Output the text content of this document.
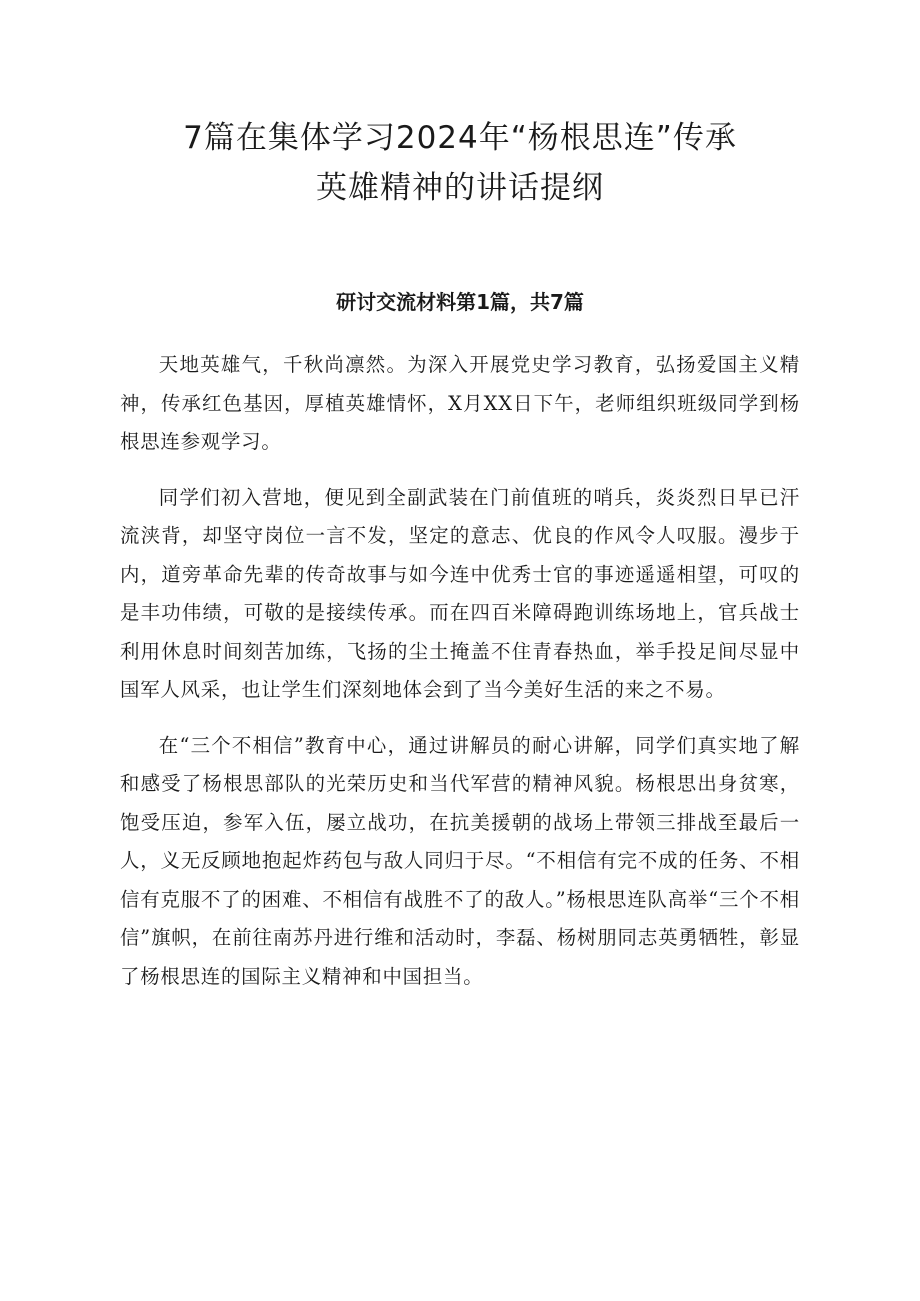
7篇在集体学习2024年“杨根思连”传承
英雄精神的讲话提纲
研讨交流材料第1篇，共7篇

天地英雄气，千秋尚凛然。为深入开展党史学习教育，弘扬爱国主义精神，传承红色基因，厚植英雄情怀，X月XX日下午，老师组织班级同学到杨根思连参观学习。

同学们初入营地，便见到全副武装在门前值班的哨兵，炎炎烈日早已汗流浃背，却坚守岗位一言不发，坚定的意志、优良的作风令人叹服。漫步于内，道旁革命先辈的传奇故事与如今连中优秀士官的事迹遥遥相望，可叹的是丰功伟绩，可敬的是接续传承。而在四百米障碍跑训练场地上，官兵战士利用休息时间刻苦加练，飞扬的尘土掩盖不住青春热血，举手投足间尽显中国军人风采，也让学生们深刻地体会到了当今美好生活的来之不易。

在“三个不相信”教育中心，通过讲解员的耐心讲解，同学们真实地了解和感受了杨根思部队的光荣历史和当代军营的精神风貌。杨根思出身贫寒，饱受压迫，参军入伍，屡立战功，在抗美援朝的战场上带领三排战至最后一人，义无反顾地抱起炸药包与敌人同归于尽。“不相信有完不成的任务、不相信有克服不了的困难、不相信有战胜不了的敌人。”杨根思连队高举“三个不相信”旗帜，在前往南苏丹进行维和活动时，李磊、杨树朋同志英勇牺牲，彰显了杨根思连的国际主义精神和中国担当。
